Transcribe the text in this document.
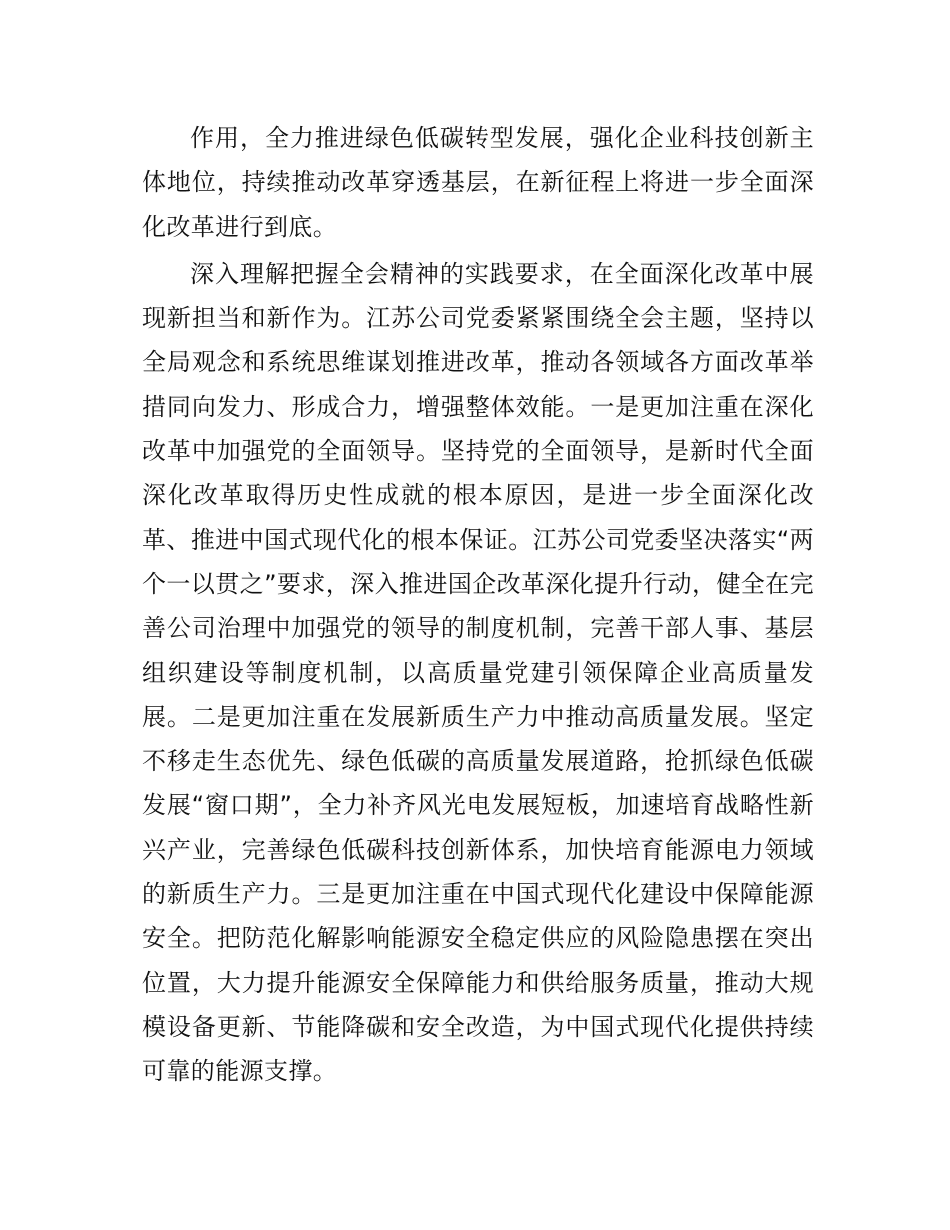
作用，全力推进绿色低碳转型发展，强化企业科技创新主体地位，持续推动改革穿透基层，在新征程上将进一步全面深化改革进行到底。

深入理解把握全会精神的实践要求，在全面深化改革中展现新担当和新作为。江苏公司党委紧紧围绕全会主题，坚持以全局观念和系统思维谋划推进改革，推动各领域各方面改革举措同向发力、形成合力，增强整体效能。一是更加注重在深化改革中加强党的全面领导。坚持党的全面领导，是新时代全面深化改革取得历史性成就的根本原因，是进一步全面深化改革、推进中国式现代化的根本保证。江苏公司党委坚决落实“两个一以贯之”要求，深入推进国企改革深化提升行动，健全在完善公司治理中加强党的领导的制度机制，完善干部人事、基层组织建设等制度机制，以高质量党建引领保障企业高质量发展。二是更加注重在发展新质生产力中推动高质量发展。坚定不移走生态优先、绿色低碳的高质量发展道路，抢抓绿色低碳发展“窗口期”，全力补齐风光电发展短板，加速培育战略性新兴产业，完善绿色低碳科技创新体系，加快培育能源电力领域的新质生产力。三是更加注重在中国式现代化建设中保障能源安全。把防范化解影响能源安全稳定供应的风险隐患摆在突出位置，大力提升能源安全保障能力和供给服务质量，推动大规模设备更新、节能降碳和安全改造，为中国式现代化提供持续可靠的能源支撑。
